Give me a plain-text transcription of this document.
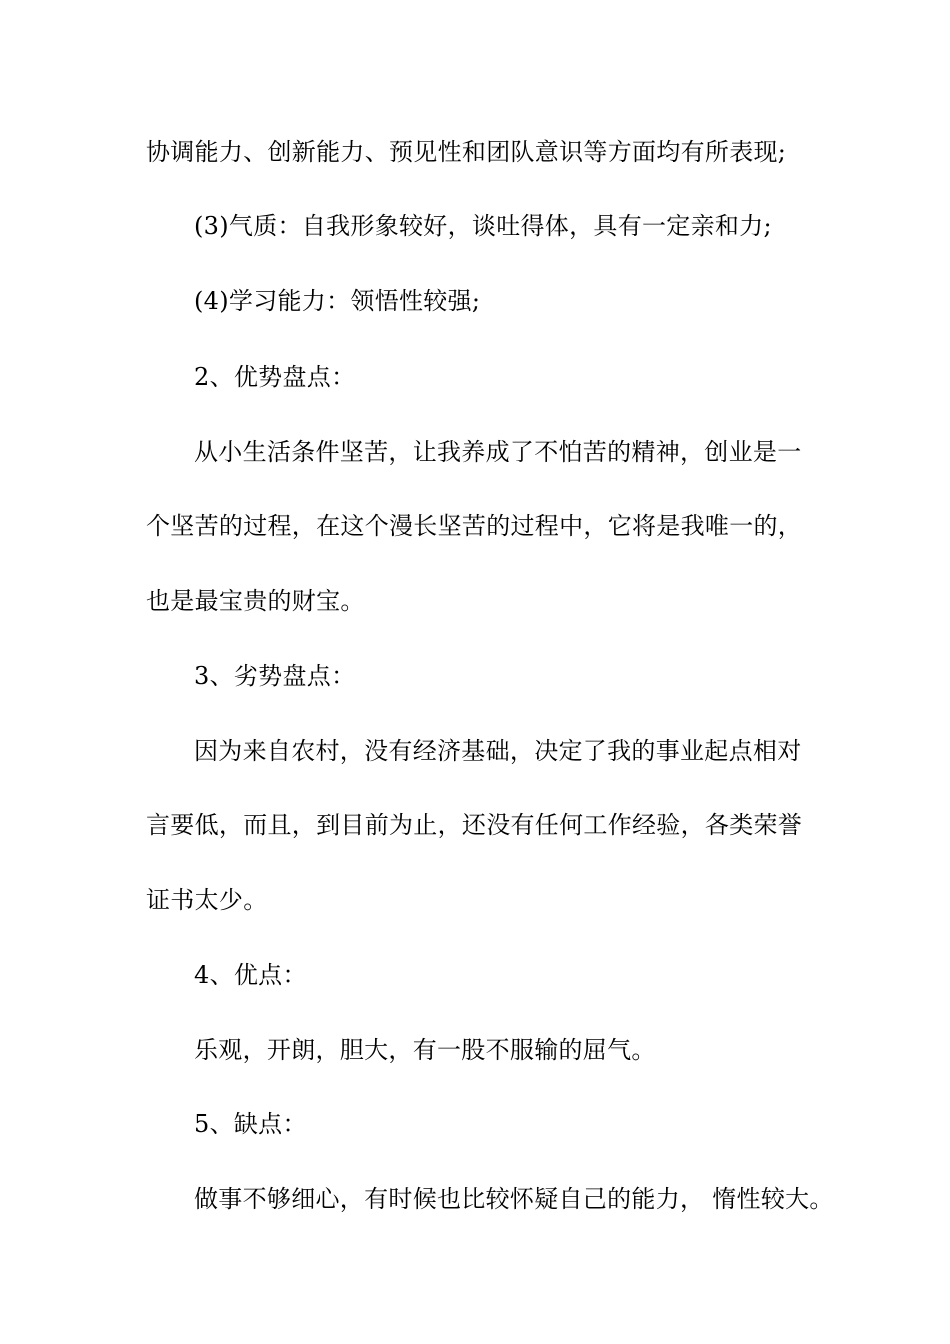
协调能力、创新能力、预见性和团队意识等方面均有所表现;
(3)气质：自我形象较好，谈吐得体，具有一定亲和力;
(4)学习能力：领悟性较强;
2、优势盘点：
从小生活条件坚苦，让我养成了不怕苦的精神，创业是一
个坚苦的过程，在这个漫长坚苦的过程中，它将是我唯一的，
也是最宝贵的财宝。
3、劣势盘点：
因为来自农村，没有经济基础，决定了我的事业起点相对
言要低，而且，到目前为止，还没有任何工作经验，各类荣誉
证书太少。
4、优点：
乐观，开朗，胆大，有一股不服输的屈气。
5、缺点：
做事不够细心，有时候也比较怀疑自己的能力， 惰性较大。
